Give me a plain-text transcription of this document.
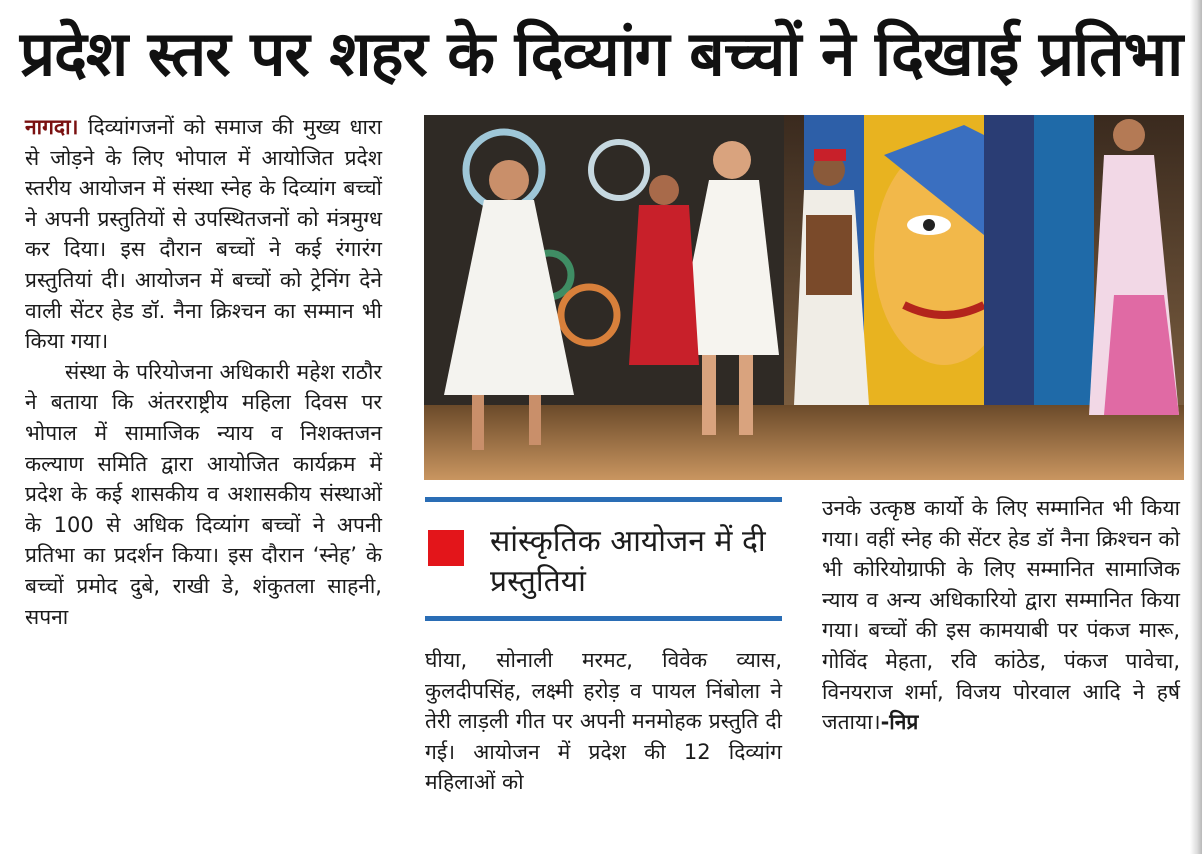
प्रदेश स्तर पर शहर के दिव्यांग बच्चों ने दिखाई प्रतिभा

नागदा। दिव्यांगजनों को समाज की मुख्य धारा से जोड़ने के लिए भोपाल में आयोजित प्रदेश स्तरीय आयोजन में संस्था स्नेह के दिव्यांग बच्चों ने अपनी प्रस्तुतियों से उपस्थितजनों को मंत्रमुग्ध कर दिया। इस दौरान बच्चों ने कई रंगारंग प्रस्तुतियां दी। आयोजन में बच्चों को ट्रेनिंग देने वाली सेंटर हेड डॉ. नैना क्रिश्चन का सम्मान भी किया गया।

संस्था के परियोजना अधिकारी महेश राठौर ने बताया कि अंतरराष्ट्रीय महिला दिवस पर भोपाल में सामाजिक न्याय व निशक्तजन कल्याण समिति द्वारा आयोजित कार्यक्रम में प्रदेश के कई शासकीय व अशासकीय संस्थाओं के 100 से अधिक दिव्यांग बच्चों ने अपनी प्रतिभा का प्रदर्शन किया। इस दौरान ‘स्नेह’ के बच्चों प्रमोद दुबे, राखी डे, शंकुतला साहनी, सपना

सांस्कृतिक आयोजन में दी प्रस्तुतियां

घीया, सोनाली मरमट, विवेक व्यास, कुलदीपसिंह, लक्ष्मी हरोड़ व पायल निंबोला ने तेरी लाड़ली गीत पर अपनी मनमोहक प्रस्तुति दी गई। आयोजन में प्रदेश की 12 दिव्यांग महिलाओं को

उनके उत्कृष्ठ कार्यो के लिए सम्मानित भी किया गया। वहीं स्नेह की सेंटर हेड डॉ नैना क्रिश्चन को भी कोरियोग्राफी के लिए सम्मानित सामाजिक न्याय व अन्य अधिकारियो द्वारा सम्मानित किया गया। बच्चों की इस कामयाबी पर पंकज मारू, गोविंद मेहता, रवि कांठेड, पंकज पावेचा, विनयराज शर्मा, विजय पोरवाल आदि ने हर्ष जताया।-निप्र
